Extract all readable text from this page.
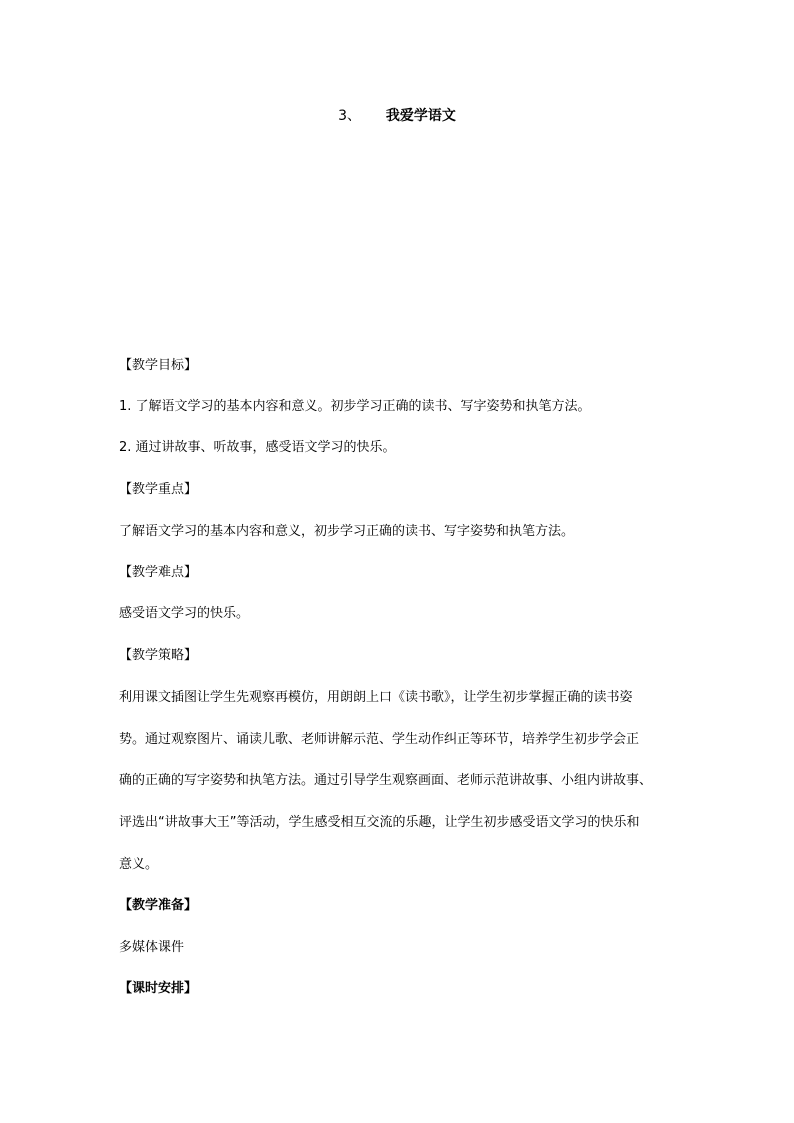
3、 我爱学语文
【教学目标】
1. 了解语文学习的基本内容和意义。初步学习正确的读书、写字姿势和执笔方法。
2. 通过讲故事、听故事，感受语文学习的快乐。
【教学重点】
了解语文学习的基本内容和意义，初步学习正确的读书、写字姿势和执笔方法。
【教学难点】
感受语文学习的快乐。
【教学策略】
利用课文插图让学生先观察再模仿，用朗朗上口《读书歌》，让学生初步掌握正确的读书姿
势。通过观察图片、诵读儿歌、老师讲解示范、学生动作纠正等环节，培养学生初步学会正
确的正确的写字姿势和执笔方法。通过引导学生观察画面、老师示范讲故事、小组内讲故事、
评选出“讲故事大王”等活动，学生感受相互交流的乐趣，让学生初步感受语文学习的快乐和
意义。
【教学准备】
多媒体课件
【课时安排】
